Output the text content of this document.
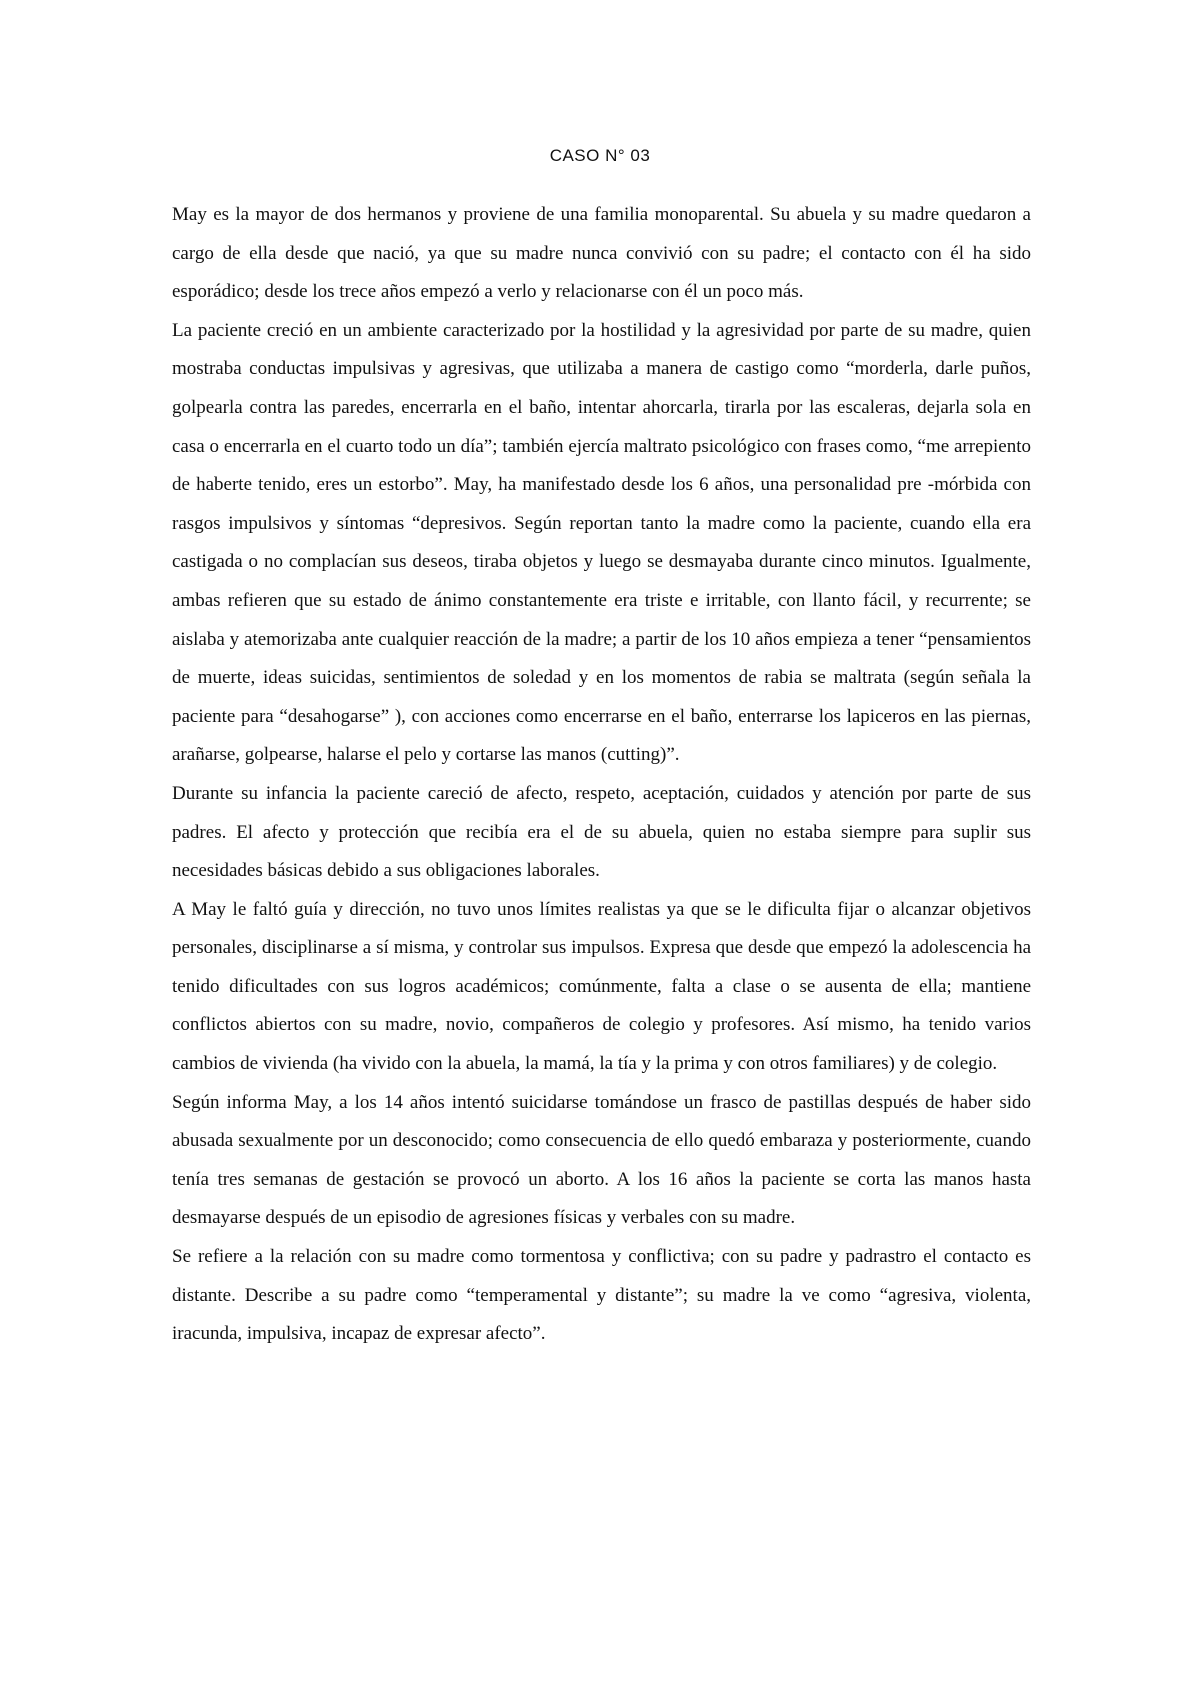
CASO N° 03

May es la mayor de dos hermanos y proviene de una familia monoparental. Su abuela y su madre quedaron a cargo de ella desde que nació, ya que su madre nunca convivió con su padre; el contacto con él ha sido esporádico; desde los trece años empezó a verlo y relacionarse con él un poco más.

La paciente creció en un ambiente caracterizado por la hostilidad y la agresividad por parte de su madre, quien mostraba conductas impulsivas y agresivas, que utilizaba a manera de castigo como “morderla, darle puños, golpearla contra las paredes, encerrarla en el baño, intentar ahorcarla, tirarla por las escaleras, dejarla sola en casa o encerrarla en el cuarto todo un día”; también ejercía maltrato psicológico con frases como, “me arrepiento de haberte tenido, eres un estorbo”. May, ha manifestado desde los 6 años, una personalidad pre -mórbida con rasgos impulsivos y síntomas “depresivos. Según reportan tanto la madre como la paciente, cuando ella era castigada o no complacían sus deseos, tiraba objetos y luego se desmayaba durante cinco minutos. Igualmente, ambas refieren que su estado de ánimo constantemente era triste e irritable, con llanto fácil, y recurrente; se aislaba y atemorizaba ante cualquier reacción de la madre; a partir de los 10 años empieza a tener “pensamientos de muerte, ideas suicidas, sentimientos de soledad y en los momentos de rabia se maltrata (según señala la paciente para “desahogarse” ), con acciones como encerrarse en el baño, enterrarse los lapiceros en las piernas, arañarse, golpearse, halarse el pelo y cortarse las manos (cutting)”.

Durante su infancia la paciente careció de afecto, respeto, aceptación, cuidados y atención por parte de sus padres. El afecto y protección que recibía era el de su abuela, quien no estaba siempre para suplir sus necesidades básicas debido a sus obligaciones laborales.

A May le faltó guía y dirección, no tuvo unos límites realistas ya que se le dificulta fijar o alcanzar objetivos personales, disciplinarse a sí misma, y controlar sus impulsos. Expresa que desde que empezó la adolescencia ha tenido dificultades con sus logros académicos; comúnmente, falta a clase o se ausenta de ella; mantiene conflictos abiertos con su madre, novio, compañeros de colegio y profesores. Así mismo, ha tenido varios cambios de vivienda (ha vivido con la abuela, la mamá, la tía y la prima y con otros familiares) y de colegio.

Según informa May, a los 14 años intentó suicidarse tomándose un frasco de pastillas después de haber sido abusada sexualmente por un desconocido; como consecuencia de ello quedó embaraza y posteriormente, cuando tenía tres semanas de gestación se provocó un aborto. A los 16 años la paciente se corta las manos hasta desmayarse después de un episodio de agresiones físicas y verbales con su madre.

Se refiere a la relación con su madre como tormentosa y conflictiva; con su padre y padrastro el contacto es distante. Describe a su padre como “temperamental y distante”; su madre la ve como “agresiva, violenta, iracunda, impulsiva, incapaz de expresar afecto”.
